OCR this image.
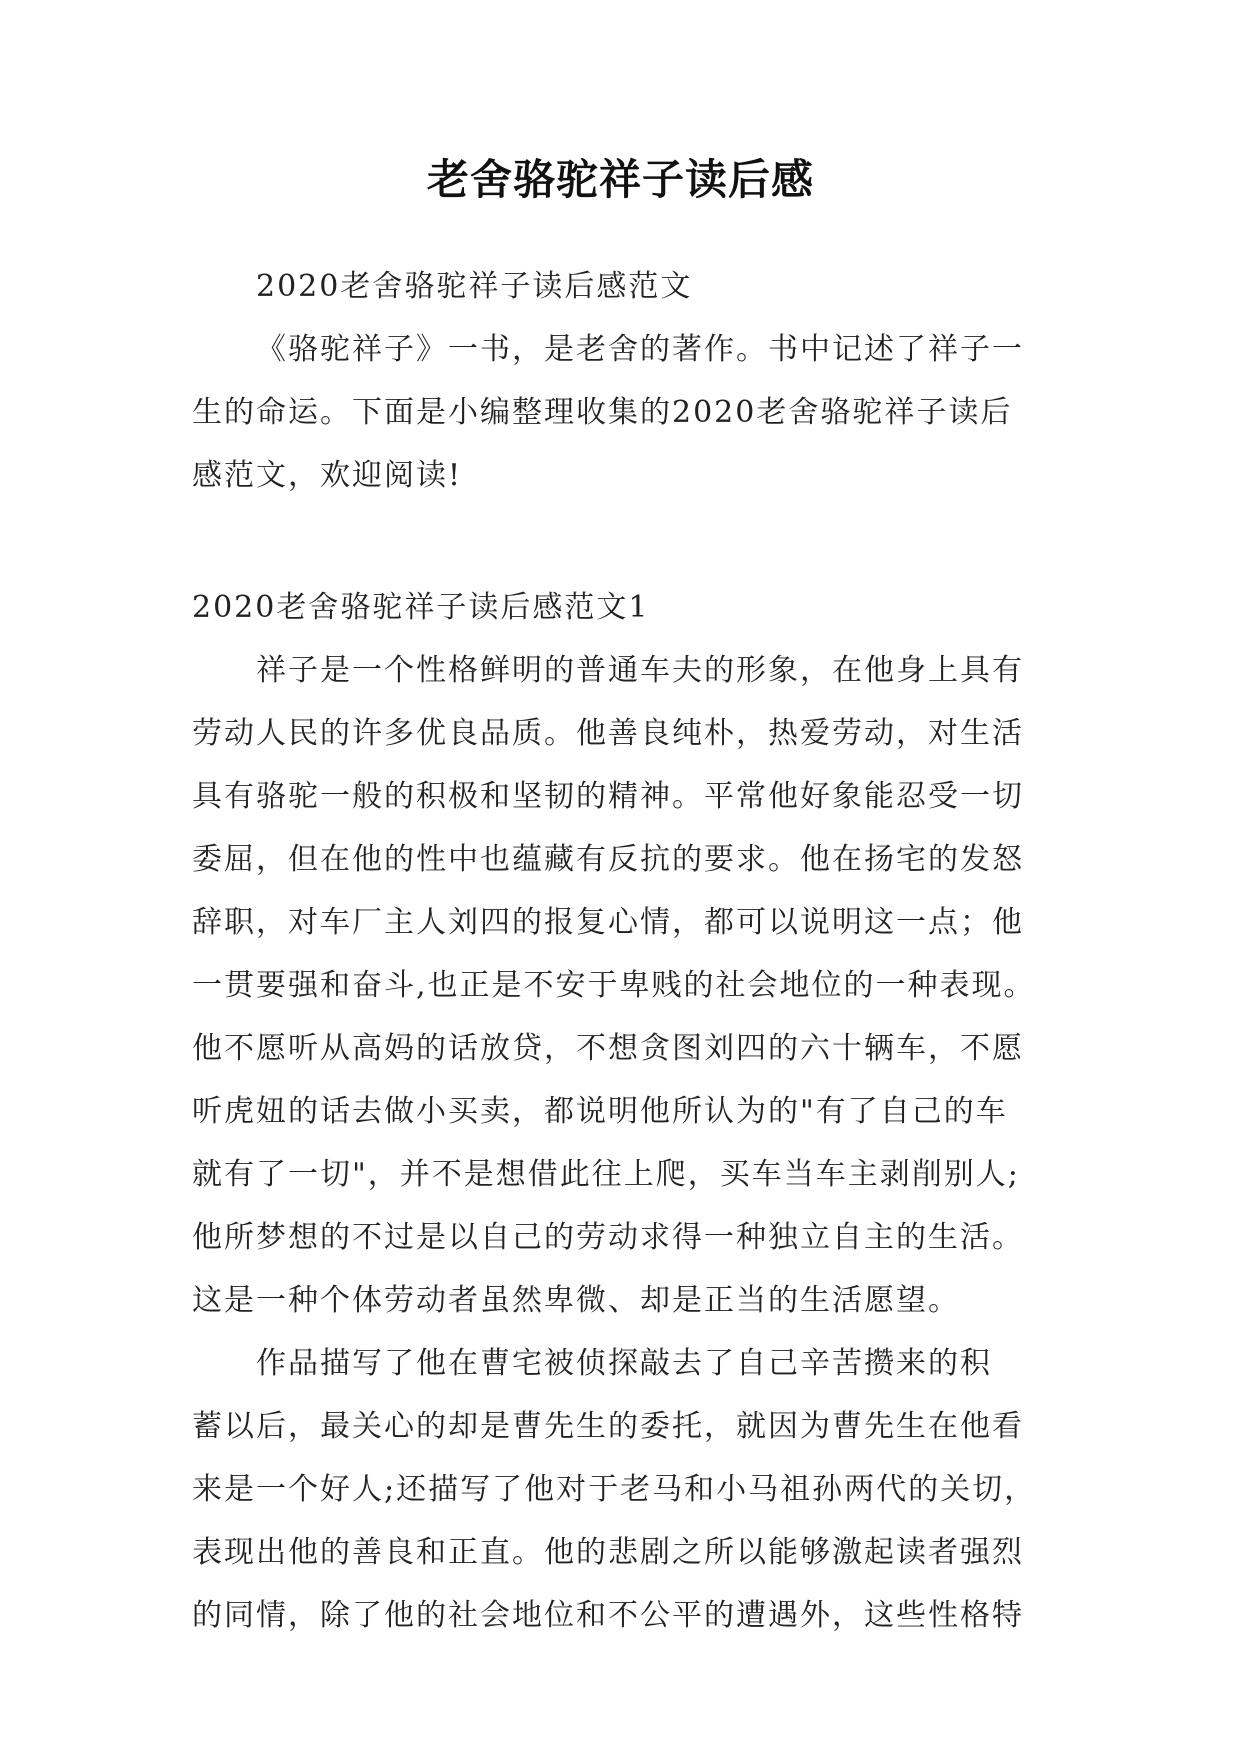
老舍骆驼祥子读后感
2020老舍骆驼祥子读后感范文
《骆驼祥子》一书，是老舍的著作。书中记述了祥子一
生的命运。下面是小编整理收集的2020老舍骆驼祥子读后
感范文，欢迎阅读!
2020老舍骆驼祥子读后感范文1
祥子是一个性格鲜明的普通车夫的形象，在他身上具有
劳动人民的许多优良品质。他善良纯朴，热爱劳动，对生活
具有骆驼一般的积极和坚韧的精神。平常他好象能忍受一切
委屈，但在他的性中也蕴藏有反抗的要求。他在扬宅的发怒
辞职，对车厂主人刘四的报复心情，都可以说明这一点；他
一贯要强和奋斗,也正是不安于卑贱的社会地位的一种表现。
他不愿听从高妈的话放贷，不想贪图刘四的六十辆车，不愿
听虎妞的话去做小买卖，都说明他所认为的"有了自己的车
就有了一切"，并不是想借此往上爬，买车当车主剥削别人;
他所梦想的不过是以自己的劳动求得一种独立自主的生活。
这是一种个体劳动者虽然卑微、却是正当的生活愿望。
作品描写了他在曹宅被侦探敲去了自己辛苦攒来的积
蓄以后，最关心的却是曹先生的委托，就因为曹先生在他看
来是一个好人;还描写了他对于老马和小马祖孙两代的关切，
表现出他的善良和正直。他的悲剧之所以能够激起读者强烈
的同情，除了他的社会地位和不公平的遭遇外，这些性格特
